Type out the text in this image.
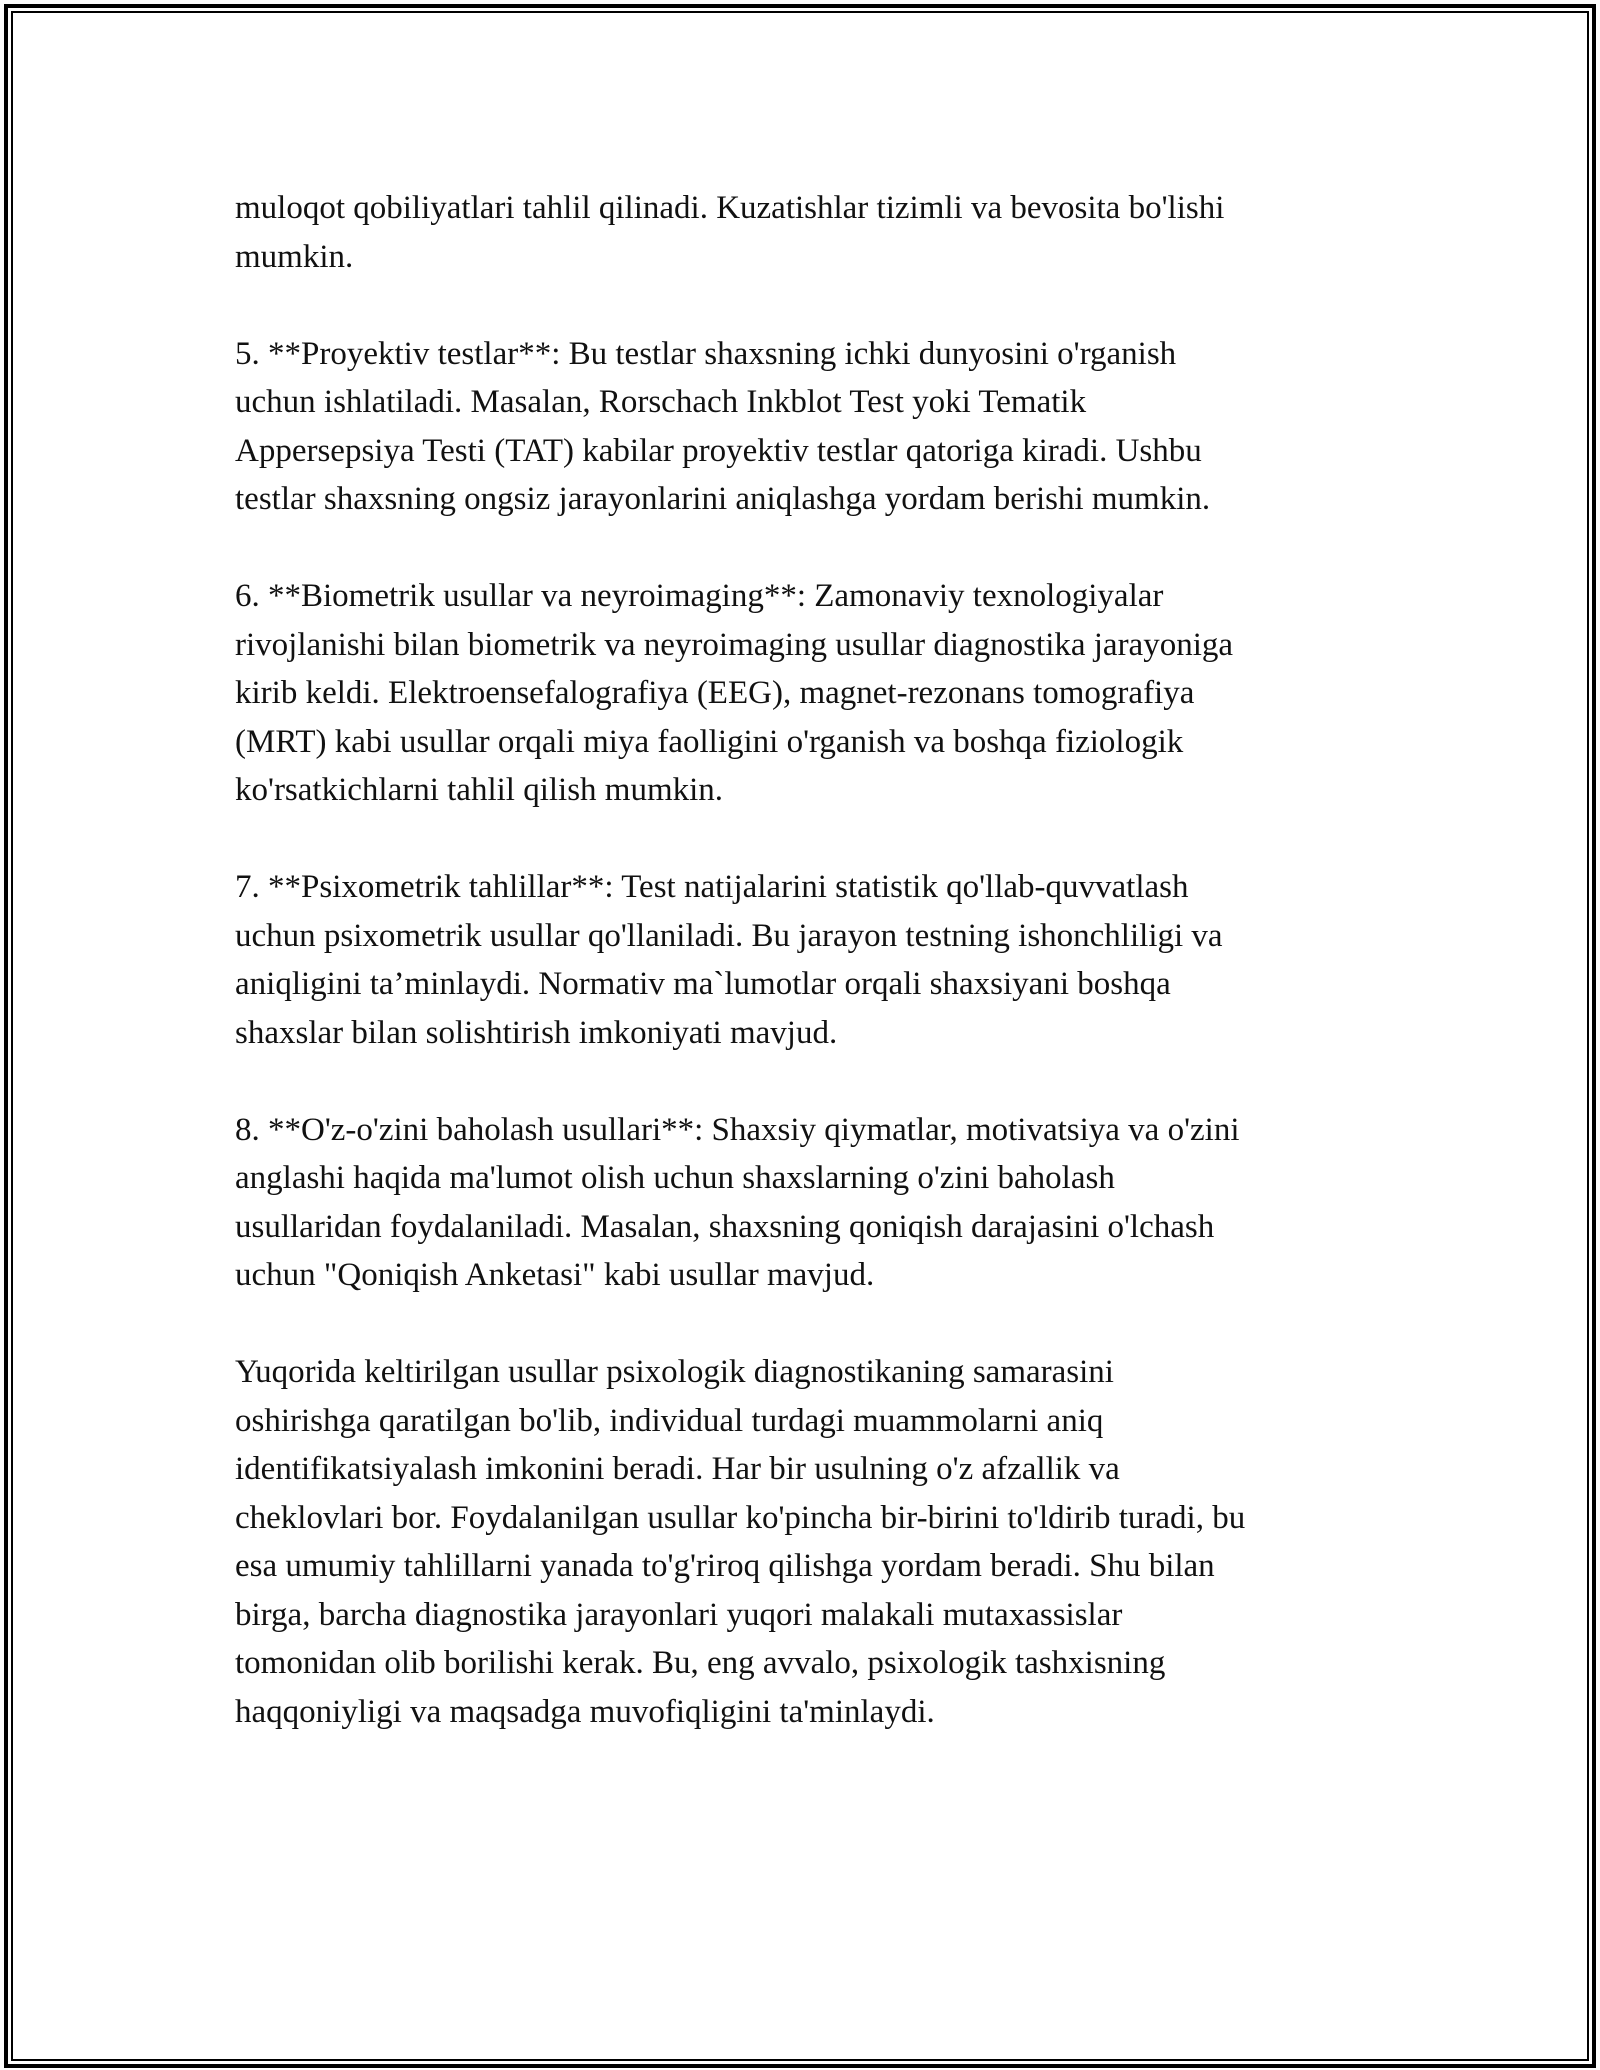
muloqot qobiliyatlari tahlil qilinadi. Kuzatishlar tizimli va bevosita bo'lishi
mumkin.

5. **Proyektiv testlar**: Bu testlar shaxsning ichki dunyosini o'rganish
uchun ishlatiladi. Masalan, Rorschach Inkblot Test yoki Tematik
Appersepsiya Testi (TAT) kabilar proyektiv testlar qatoriga kiradi. Ushbu
testlar shaxsning ongsiz jarayonlarini aniqlashga yordam berishi mumkin.

6. **Biometrik usullar va neyroimaging**: Zamonaviy texnologiyalar
rivojlanishi bilan biometrik va neyroimaging usullar diagnostika jarayoniga
kirib keldi. Elektroensefalografiya (EEG), magnet-rezonans tomografiya
(MRT) kabi usullar orqali miya faolligini o'rganish va boshqa fiziologik
ko'rsatkichlarni tahlil qilish mumkin.

7. **Psixometrik tahlillar**: Test natijalarini statistik qo'llab-quvvatlash
uchun psixometrik usullar qo'llaniladi. Bu jarayon testning ishonchliligi va
aniqligini ta’minlaydi. Normativ ma`lumotlar orqali shaxsiyani boshqa
shaxslar bilan solishtirish imkoniyati mavjud.

8. **O'z-o'zini baholash usullari**: Shaxsiy qiymatlar, motivatsiya va o'zini
anglashi haqida ma'lumot olish uchun shaxslarning o'zini baholash
usullaridan foydalaniladi. Masalan, shaxsning qoniqish darajasini o'lchash
uchun "Qoniqish Anketasi" kabi usullar mavjud.

Yuqorida keltirilgan usullar psixologik diagnostikaning samarasini
oshirishga qaratilgan bo'lib, individual turdagi muammolarni aniq
identifikatsiyalash imkonini beradi. Har bir usulning o'z afzallik va
cheklovlari bor. Foydalanilgan usullar ko'pincha bir-birini to'ldirib turadi, bu
esa umumiy tahlillarni yanada to'g'riroq qilishga yordam beradi. Shu bilan
birga, barcha diagnostika jarayonlari yuqori malakali mutaxassislar
tomonidan olib borilishi kerak. Bu, eng avvalo, psixologik tashxisning
haqqoniyligi va maqsadga muvofiqligini ta'minlaydi.
